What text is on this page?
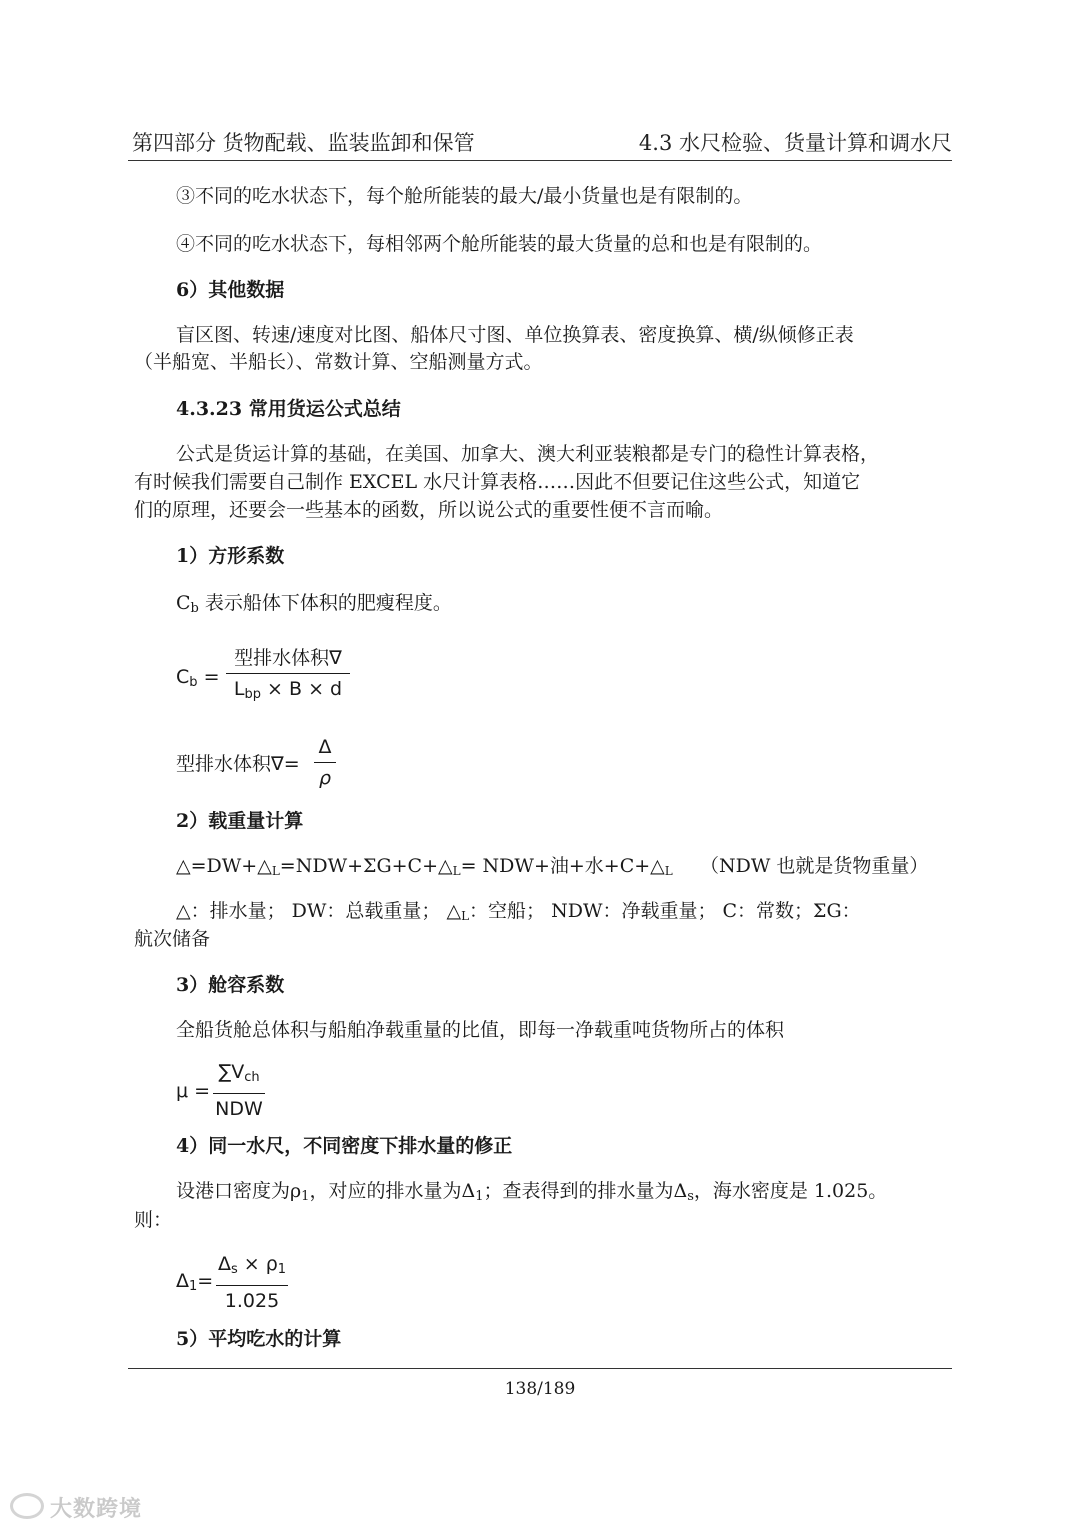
第四部分 货物配载、监装监卸和保管	4.3 水尺检验、货量计算和调水尺
③不同的吃水状态下，每个舱所能装的最大/最小货量也是有限制的。
④不同的吃水状态下，每相邻两个舱所能装的最大货量的总和也是有限制的。
6）其他数据
盲区图、转速/速度对比图、船体尺寸图、单位换算表、密度换算、横/纵倾修正表
（半船宽、半船长）、常数计算、空船测量方式。
4.3.23 常用货运公式总结
公式是货运计算的基础，在美国、加拿大、澳大利亚装粮都是专门的稳性计算表格，
有时候我们需要自己制作 EXCEL 水尺计算表格……因此不但要记住这些公式，知道它
们的原理，还要会一些基本的函数，所以说公式的重要性便不言而喻。
1）方形系数
$C_b$ 表示船体下体积的肥瘦程度。
$C_b$ =
型排水体积∇
$L_{bp} \times B \times d$
型排水体积∇=
Δ
ρ
2）载重量计算
$\triangle=DW+\triangle_L=NDW+\Sigma G+C+\triangle_L= NDW+$油+水$+C+\triangle_L$ （NDW 也就是货物重量）
△：排水量； DW：总载重量； $\triangle_L$：空船； NDW：净载重量； C：常数；ΣG：
航次储备
3）舱容系数
全船货舱总体积与船舶净载重量的比值，即每一净载重吨货物所占的体积
μ =
$\sum V_{ch}$
NDW
4）同一水尺，不同密度下排水量的修正
设港口密度为$\rho_1$，对应的排水量为$\Delta_1$；查表得到的排水量为$\Delta_s$，海水密度是 1.025。
则：
$\Delta_1=$
$\Delta_s \times \rho_1$
1.025
5）平均吃水的计算
138/189
大数跨境
